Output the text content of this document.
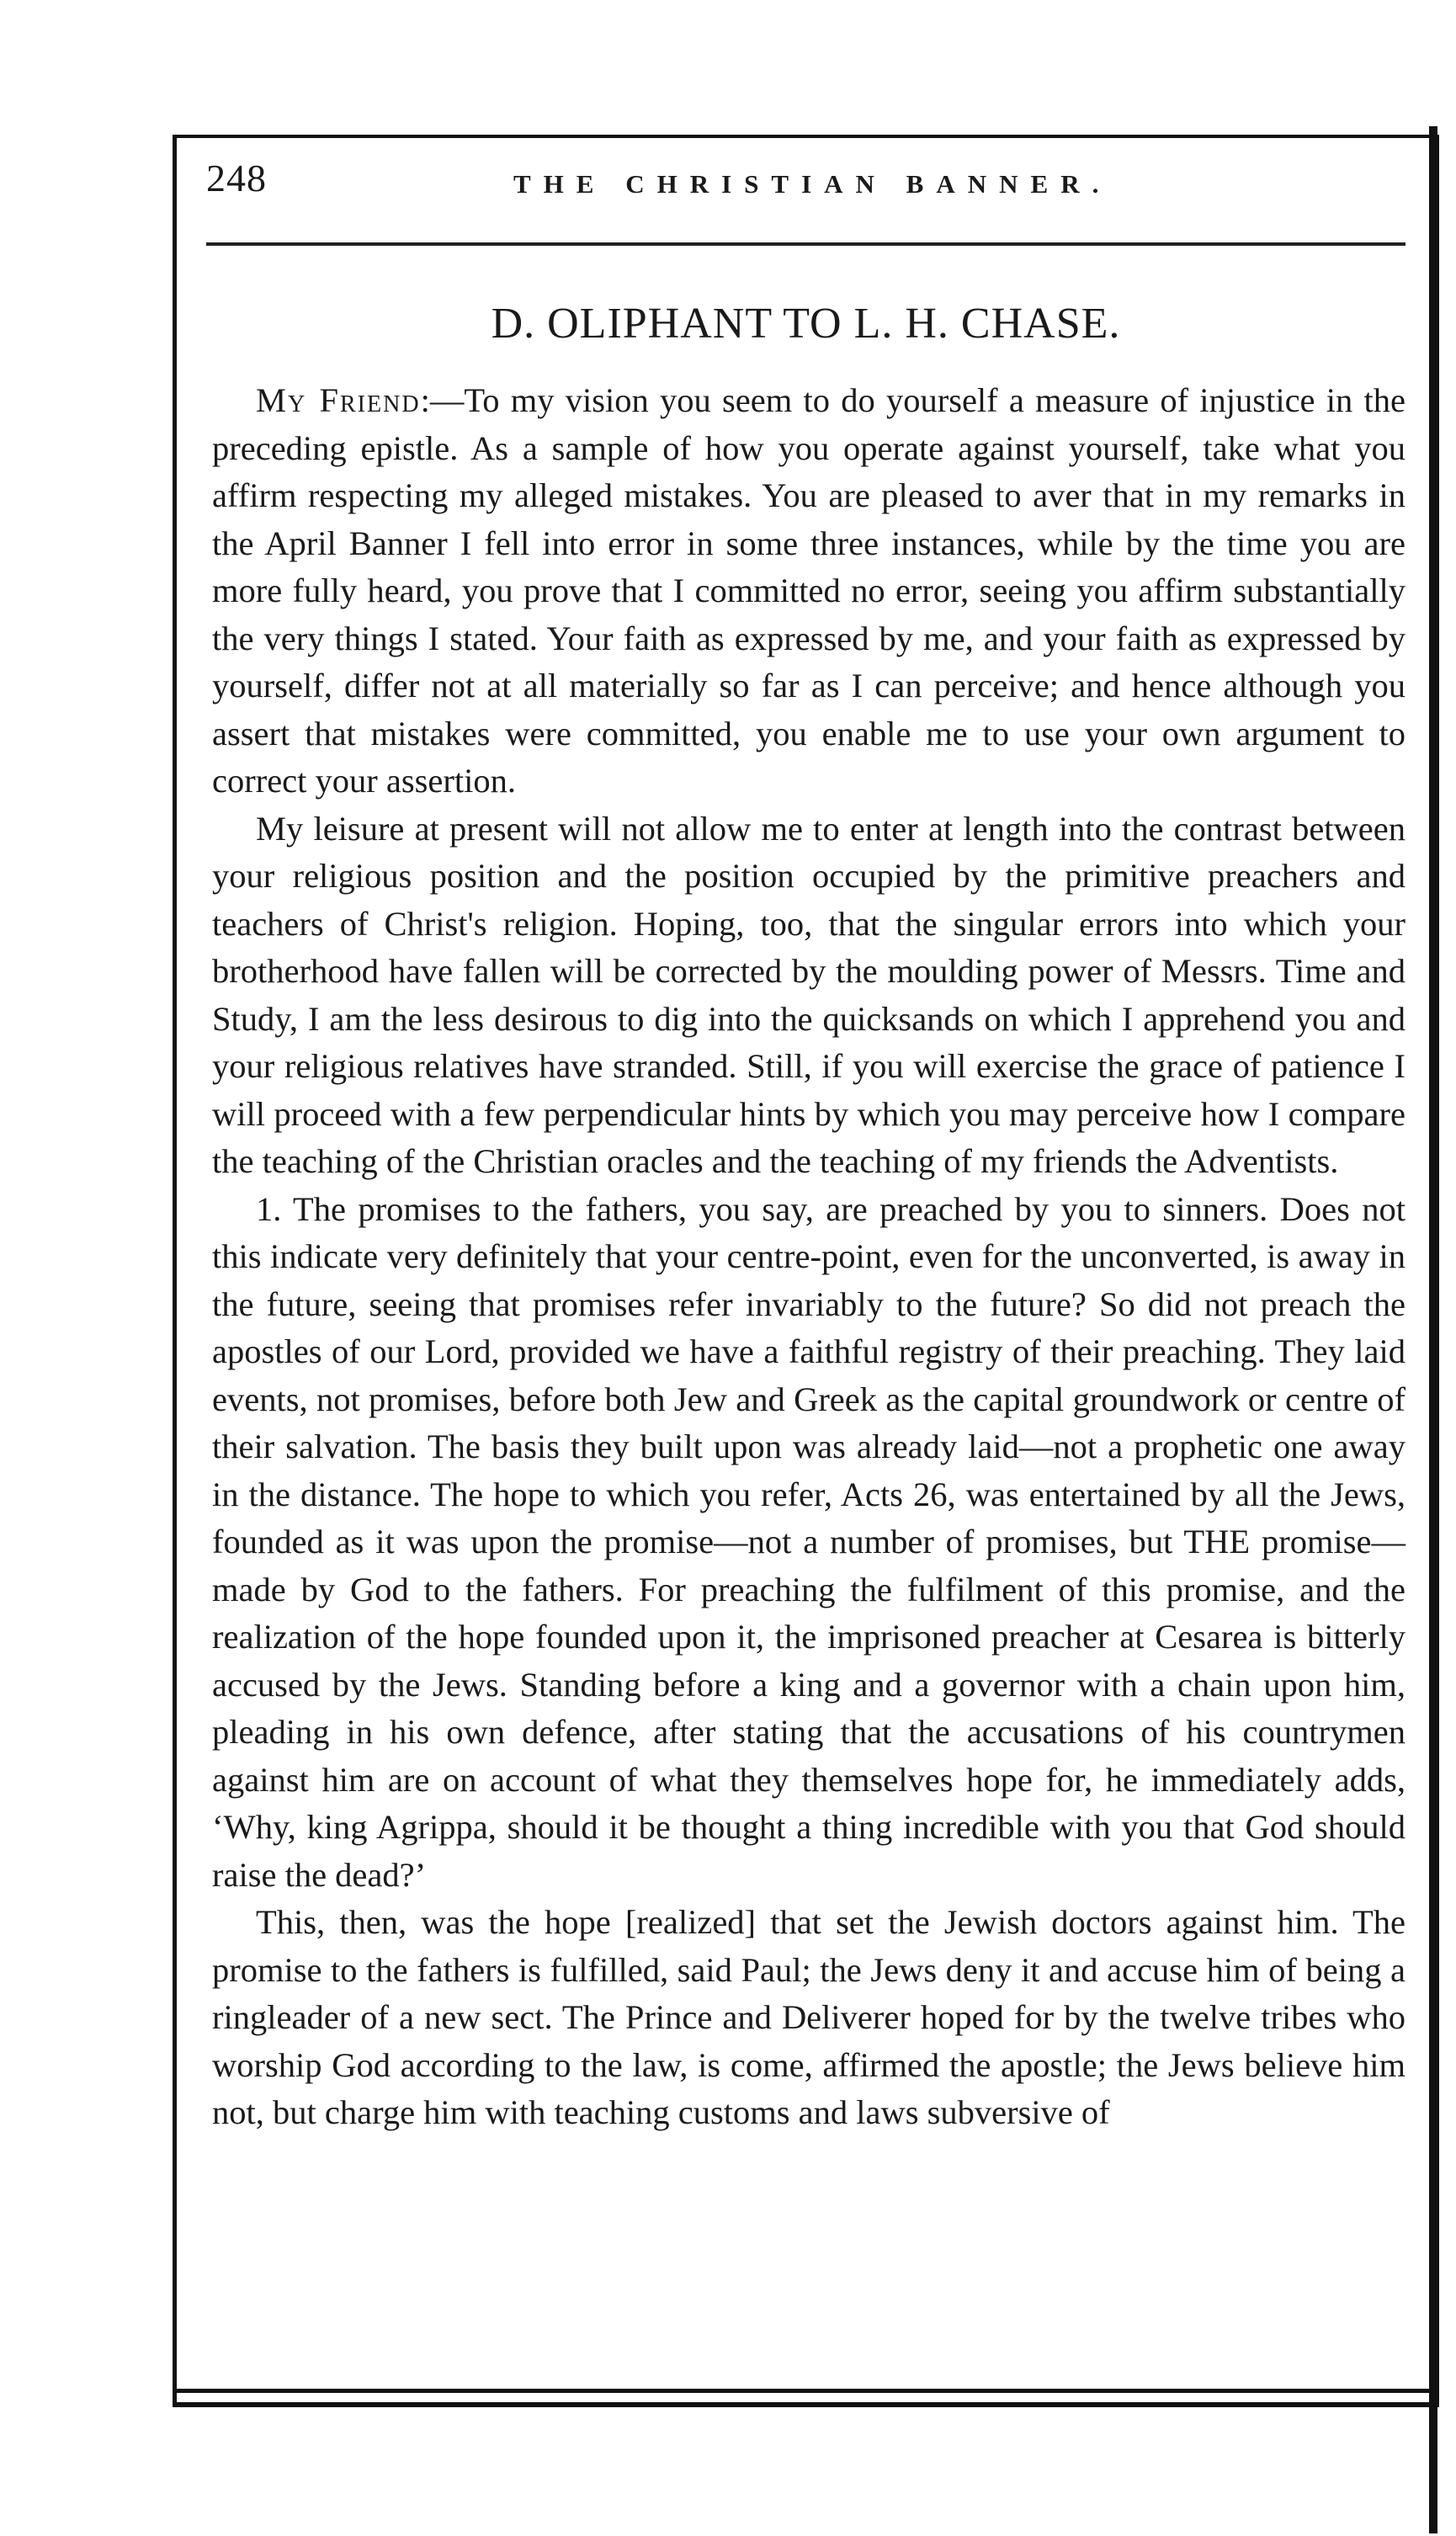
248	THE CHRISTIAN BANNER.
D. OLIPHANT TO L. H. CHASE.

My Friend:—To my vision you seem to do yourself a measure of injustice in the preceding epistle. As a sample of how you operate against yourself, take what you affirm respecting my alleged mistakes. You are pleased to aver that in my remarks in the April Banner I fell into error in some three instances, while by the time you are more fully heard, you prove that I committed no error, seeing you affirm substantially the very things I stated. Your faith as expressed by me, and your faith as expressed by yourself, differ not at all materially so far as I can perceive; and hence although you assert that mistakes were committed, you enable me to use your own argument to correct your assertion.

My leisure at present will not allow me to enter at length into the contrast between your religious position and the position occupied by the primitive preachers and teachers of Christ's religion. Hoping, too, that the singular errors into which your brotherhood have fallen will be corrected by the moulding power of Messrs. Time and Study, I am the less desirous to dig into the quicksands on which I apprehend you and your religious relatives have stranded. Still, if you will exercise the grace of patience I will proceed with a few perpendicular hints by which you may perceive how I compare the teaching of the Christian oracles and the teaching of my friends the Adventists.

1. The promises to the fathers, you say, are preached by you to sinners. Does not this indicate very definitely that your centre-point, even for the unconverted, is away in the future, seeing that promises refer invariably to the future? So did not preach the apostles of our Lord, provided we have a faithful registry of their preaching. They laid events, not promises, before both Jew and Greek as the capital groundwork or centre of their salvation. The basis they built upon was already laid—not a prophetic one away in the distance. The hope to which you refer, Acts 26, was entertained by all the Jews, founded as it was upon the promise—not a number of promises, but THE promise—made by God to the fathers. For preaching the fulfilment of this promise, and the realization of the hope founded upon it, the imprisoned preacher at Cesarea is bitterly accused by the Jews. Standing before a king and a governor with a chain upon him, pleading in his own defence, after stating that the accusations of his countrymen against him are on account of what they themselves hope for, he immediately adds, ‘Why, king Agrippa, should it be thought a thing incredible with you that God should raise the dead?’

This, then, was the hope [realized] that set the Jewish doctors against him. The promise to the fathers is fulfilled, said Paul; the Jews deny it and accuse him of being a ringleader of a new sect. The Prince and Deliverer hoped for by the twelve tribes who worship God according to the law, is come, affirmed the apostle; the Jews believe him not, but charge him with teaching customs and laws subversive of
